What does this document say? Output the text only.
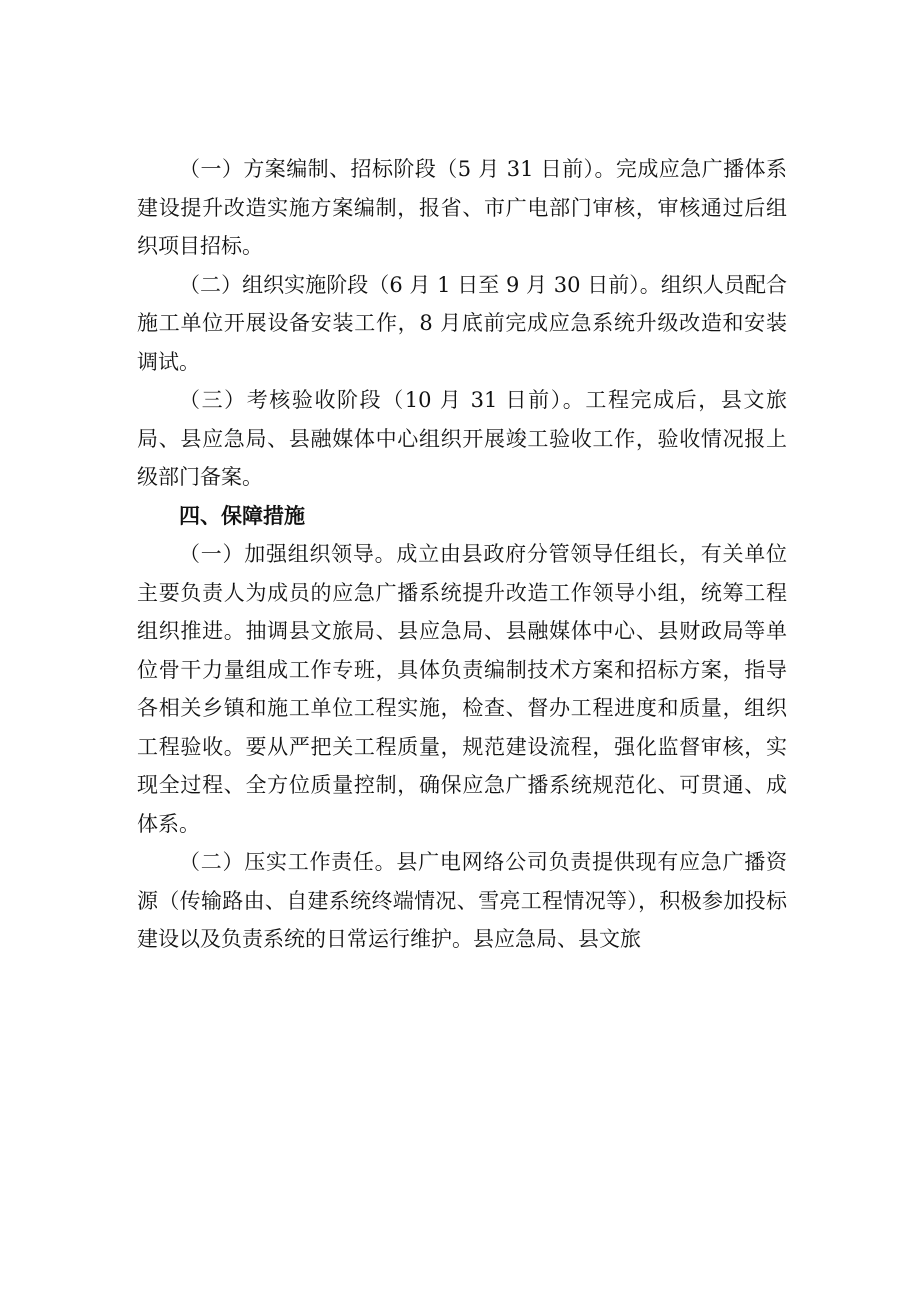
（一）方案编制、招标阶段（5 月 31 日前）。完成应急广播体系建设提升改造实施方案编制，报省、市广电部门审核，审核通过后组织项目招标。

（二）组织实施阶段（6 月 1 日至 9 月 30 日前）。组织人员配合施工单位开展设备安装工作，8 月底前完成应急系统升级改造和安装调试。

（三）考核验收阶段（10 月 31 日前）。工程完成后，县文旅局、县应急局、县融媒体中心组织开展竣工验收工作，验收情况报上级部门备案。

四、保障措施

（一）加强组织领导。成立由县政府分管领导任组长，有关单位主要负责人为成员的应急广播系统提升改造工作领导小组，统筹工程组织推进。抽调县文旅局、县应急局、县融媒体中心、县财政局等单位骨干力量组成工作专班，具体负责编制技术方案和招标方案，指导各相关乡镇和施工单位工程实施，检查、督办工程进度和质量，组织工程验收。要从严把关工程质量，规范建设流程，强化监督审核，实现全过程、全方位质量控制，确保应急广播系统规范化、可贯通、成体系。

（二）压实工作责任。县广电网络公司负责提供现有应急广播资源（传输路由、自建系统终端情况、雪亮工程情况等），积极参加投标建设以及负责系统的日常运行维护。县应急局、县文旅
